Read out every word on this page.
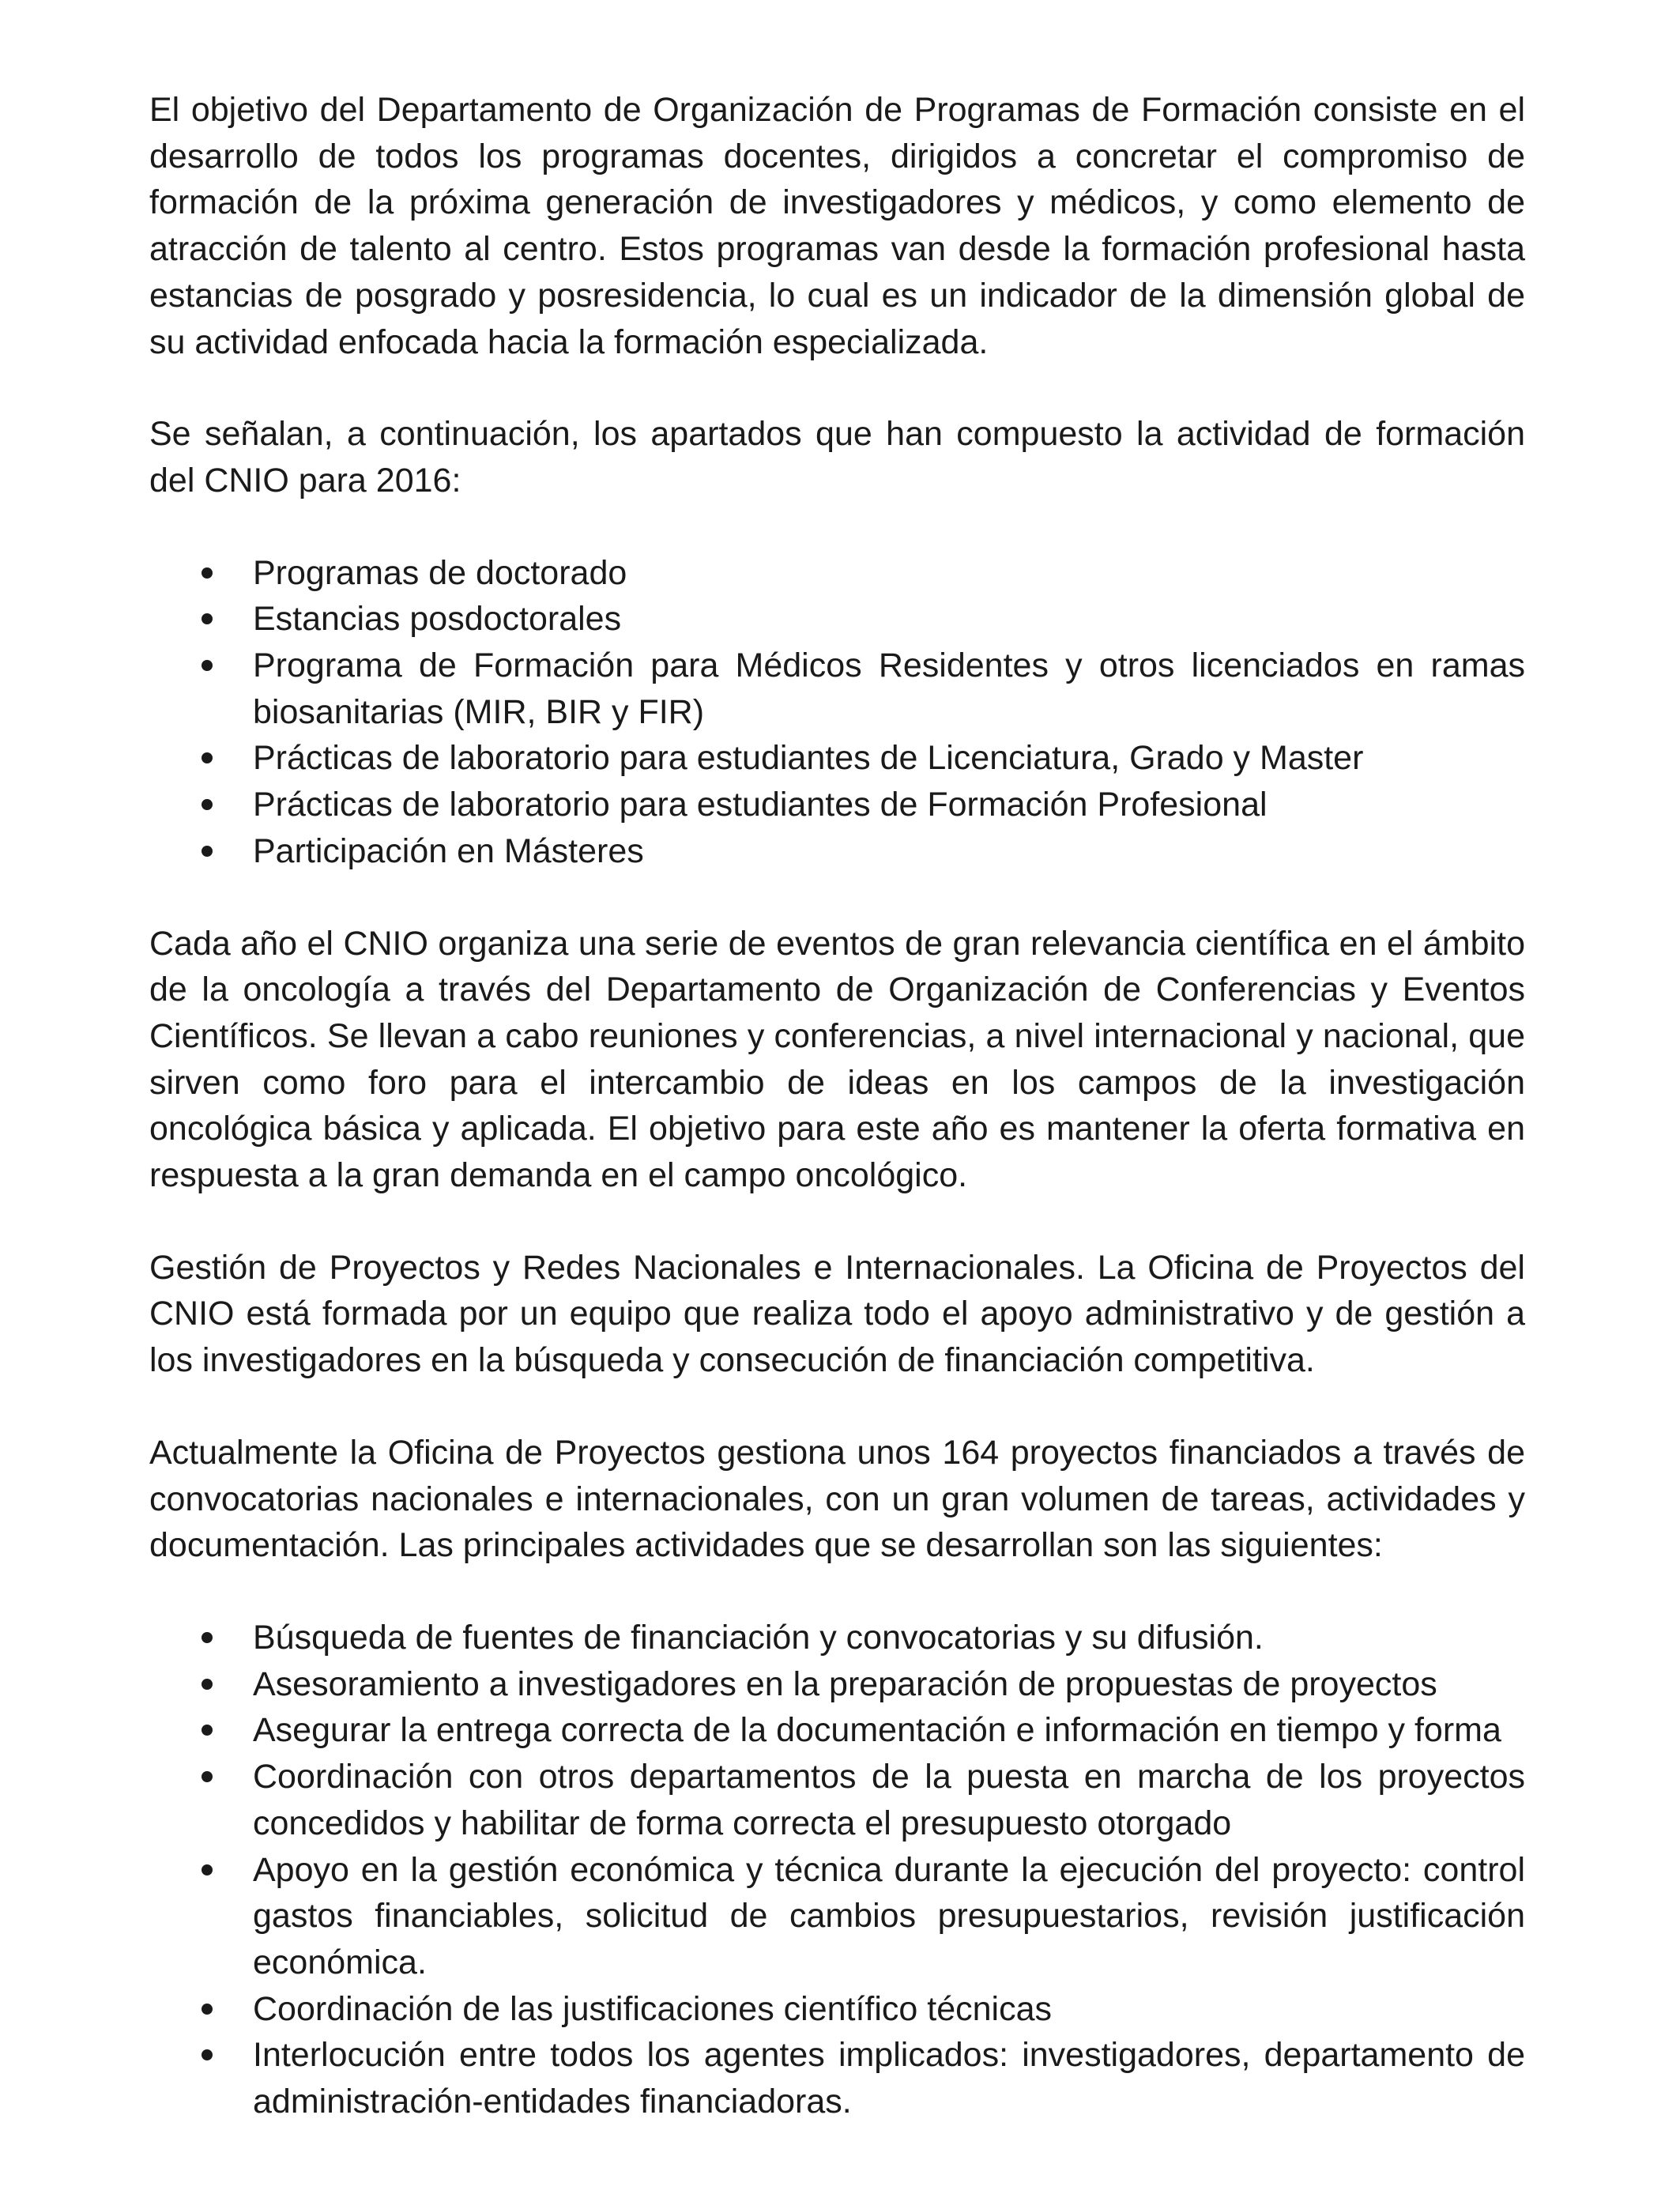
El objetivo del Departamento de Organización de Programas de Formación consiste en el desarrollo de todos los programas docentes, dirigidos a concretar el compromiso de formación de la próxima generación de investigadores y médicos, y como elemento de atracción de talento al centro. Estos programas van desde la formación profesional hasta estancias de posgrado y posresidencia, lo cual es un indicador de la dimensión global de su actividad enfocada hacia la formación especializada.

Se señalan, a continuación, los apartados que han compuesto la actividad de formación del CNIO para 2016:

Programas de doctorado
Estancias posdoctorales
Programa de Formación para Médicos Residentes y otros licenciados en ramas biosanitarias (MIR, BIR y FIR)
Prácticas de laboratorio para estudiantes de Licenciatura, Grado y Master
Prácticas de laboratorio para estudiantes de Formación Profesional
Participación en Másteres

Cada año el CNIO organiza una serie de eventos de gran relevancia científica en el ámbito de la oncología a través del Departamento de Organización de Conferencias y Eventos Científicos. Se llevan a cabo reuniones y conferencias, a nivel internacional y nacional, que sirven como foro para el intercambio de ideas en los campos de la investigación oncológica básica y aplicada. El objetivo para este año es mantener la oferta formativa en respuesta a la gran demanda en el campo oncológico.

Gestión de Proyectos y Redes Nacionales e Internacionales. La Oficina de Proyectos del CNIO está formada por un equipo que realiza todo el apoyo administrativo y de gestión a los investigadores en la búsqueda y consecución de financiación competitiva.

Actualmente la Oficina de Proyectos gestiona unos 164 proyectos financiados a través de convocatorias nacionales e internacionales, con un gran volumen de tareas, actividades y documentación. Las principales actividades que se desarrollan son las siguientes:

Búsqueda de fuentes de financiación y convocatorias y su difusión.
Asesoramiento a investigadores en la preparación de propuestas de proyectos
Asegurar la entrega correcta de la documentación e información en tiempo y forma
Coordinación con otros departamentos de la puesta en marcha de los proyectos concedidos y habilitar de forma correcta el presupuesto otorgado
Apoyo en la gestión económica y técnica durante la ejecución del proyecto: control gastos financiables, solicitud de cambios presupuestarios, revisión justificación económica.
Coordinación de las justificaciones científico técnicas
Interlocución entre todos los agentes implicados: investigadores, departamento de administración-entidades financiadoras.
